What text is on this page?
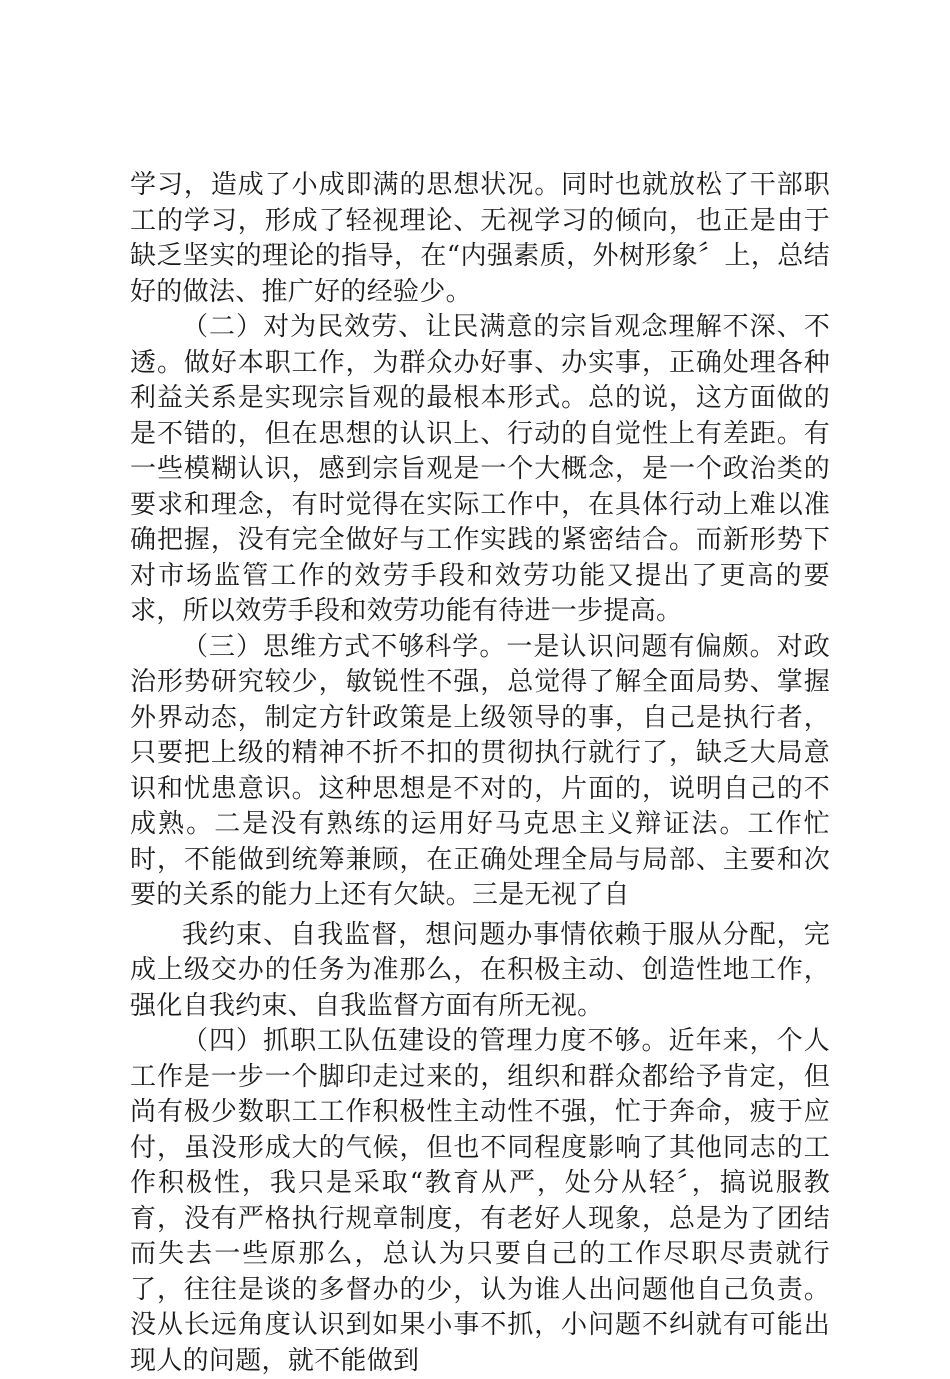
学习，造成了小成即满的思想状况。同时也就放松了干部职工的学习，形成了轻视理论、无视学习的倾向，也正是由于缺乏坚实的理论的指导，在“内强素质，外树形象〞上，总结好的做法、推广好的经验少。

（二）对为民效劳、让民满意的宗旨观念理解不深、不透。做好本职工作，为群众办好事、办实事，正确处理各种利益关系是实现宗旨观的最根本形式。总的说，这方面做的是不错的，但在思想的认识上、行动的自觉性上有差距。有一些模糊认识，感到宗旨观是一个大概念，是一个政治类的要求和理念，有时觉得在实际工作中，在具体行动上难以准确把握，没有完全做好与工作实践的紧密结合。而新形势下对市场监管工作的效劳手段和效劳功能又提出了更高的要求，所以效劳手段和效劳功能有待进一步提高。

（三）思维方式不够科学。一是认识问题有偏颇。对政治形势研究较少，敏锐性不强，总觉得了解全面局势、掌握外界动态，制定方针政策是上级领导的事，自己是执行者，只要把上级的精神不折不扣的贯彻执行就行了，缺乏大局意识和忧患意识。这种思想是不对的，片面的，说明自己的不成熟。二是没有熟练的运用好马克思主义辩证法。工作忙时，不能做到统筹兼顾，在正确处理全局与局部、主要和次要的关系的能力上还有欠缺。三是无视了自

我约束、自我监督，想问题办事情依赖于服从分配，完成上级交办的任务为准那么，在积极主动、创造性地工作，强化自我约束、自我监督方面有所无视。

（四）抓职工队伍建设的管理力度不够。近年来，个人工作是一步一个脚印走过来的，组织和群众都给予肯定，但尚有极少数职工工作积极性主动性不强，忙于奔命，疲于应付，虽没形成大的气候，但也不同程度影响了其他同志的工作积极性，我只是采取“教育从严，处分从轻〞，搞说服教育，没有严格执行规章制度，有老好人现象，总是为了团结而失去一些原那么，总认为只要自己的工作尽职尽责就行了，往往是谈的多督办的少，认为谁人出问题他自己负责。没从长远角度认识到如果小事不抓，小问题不纠就有可能出现人的问题，就不能做到
